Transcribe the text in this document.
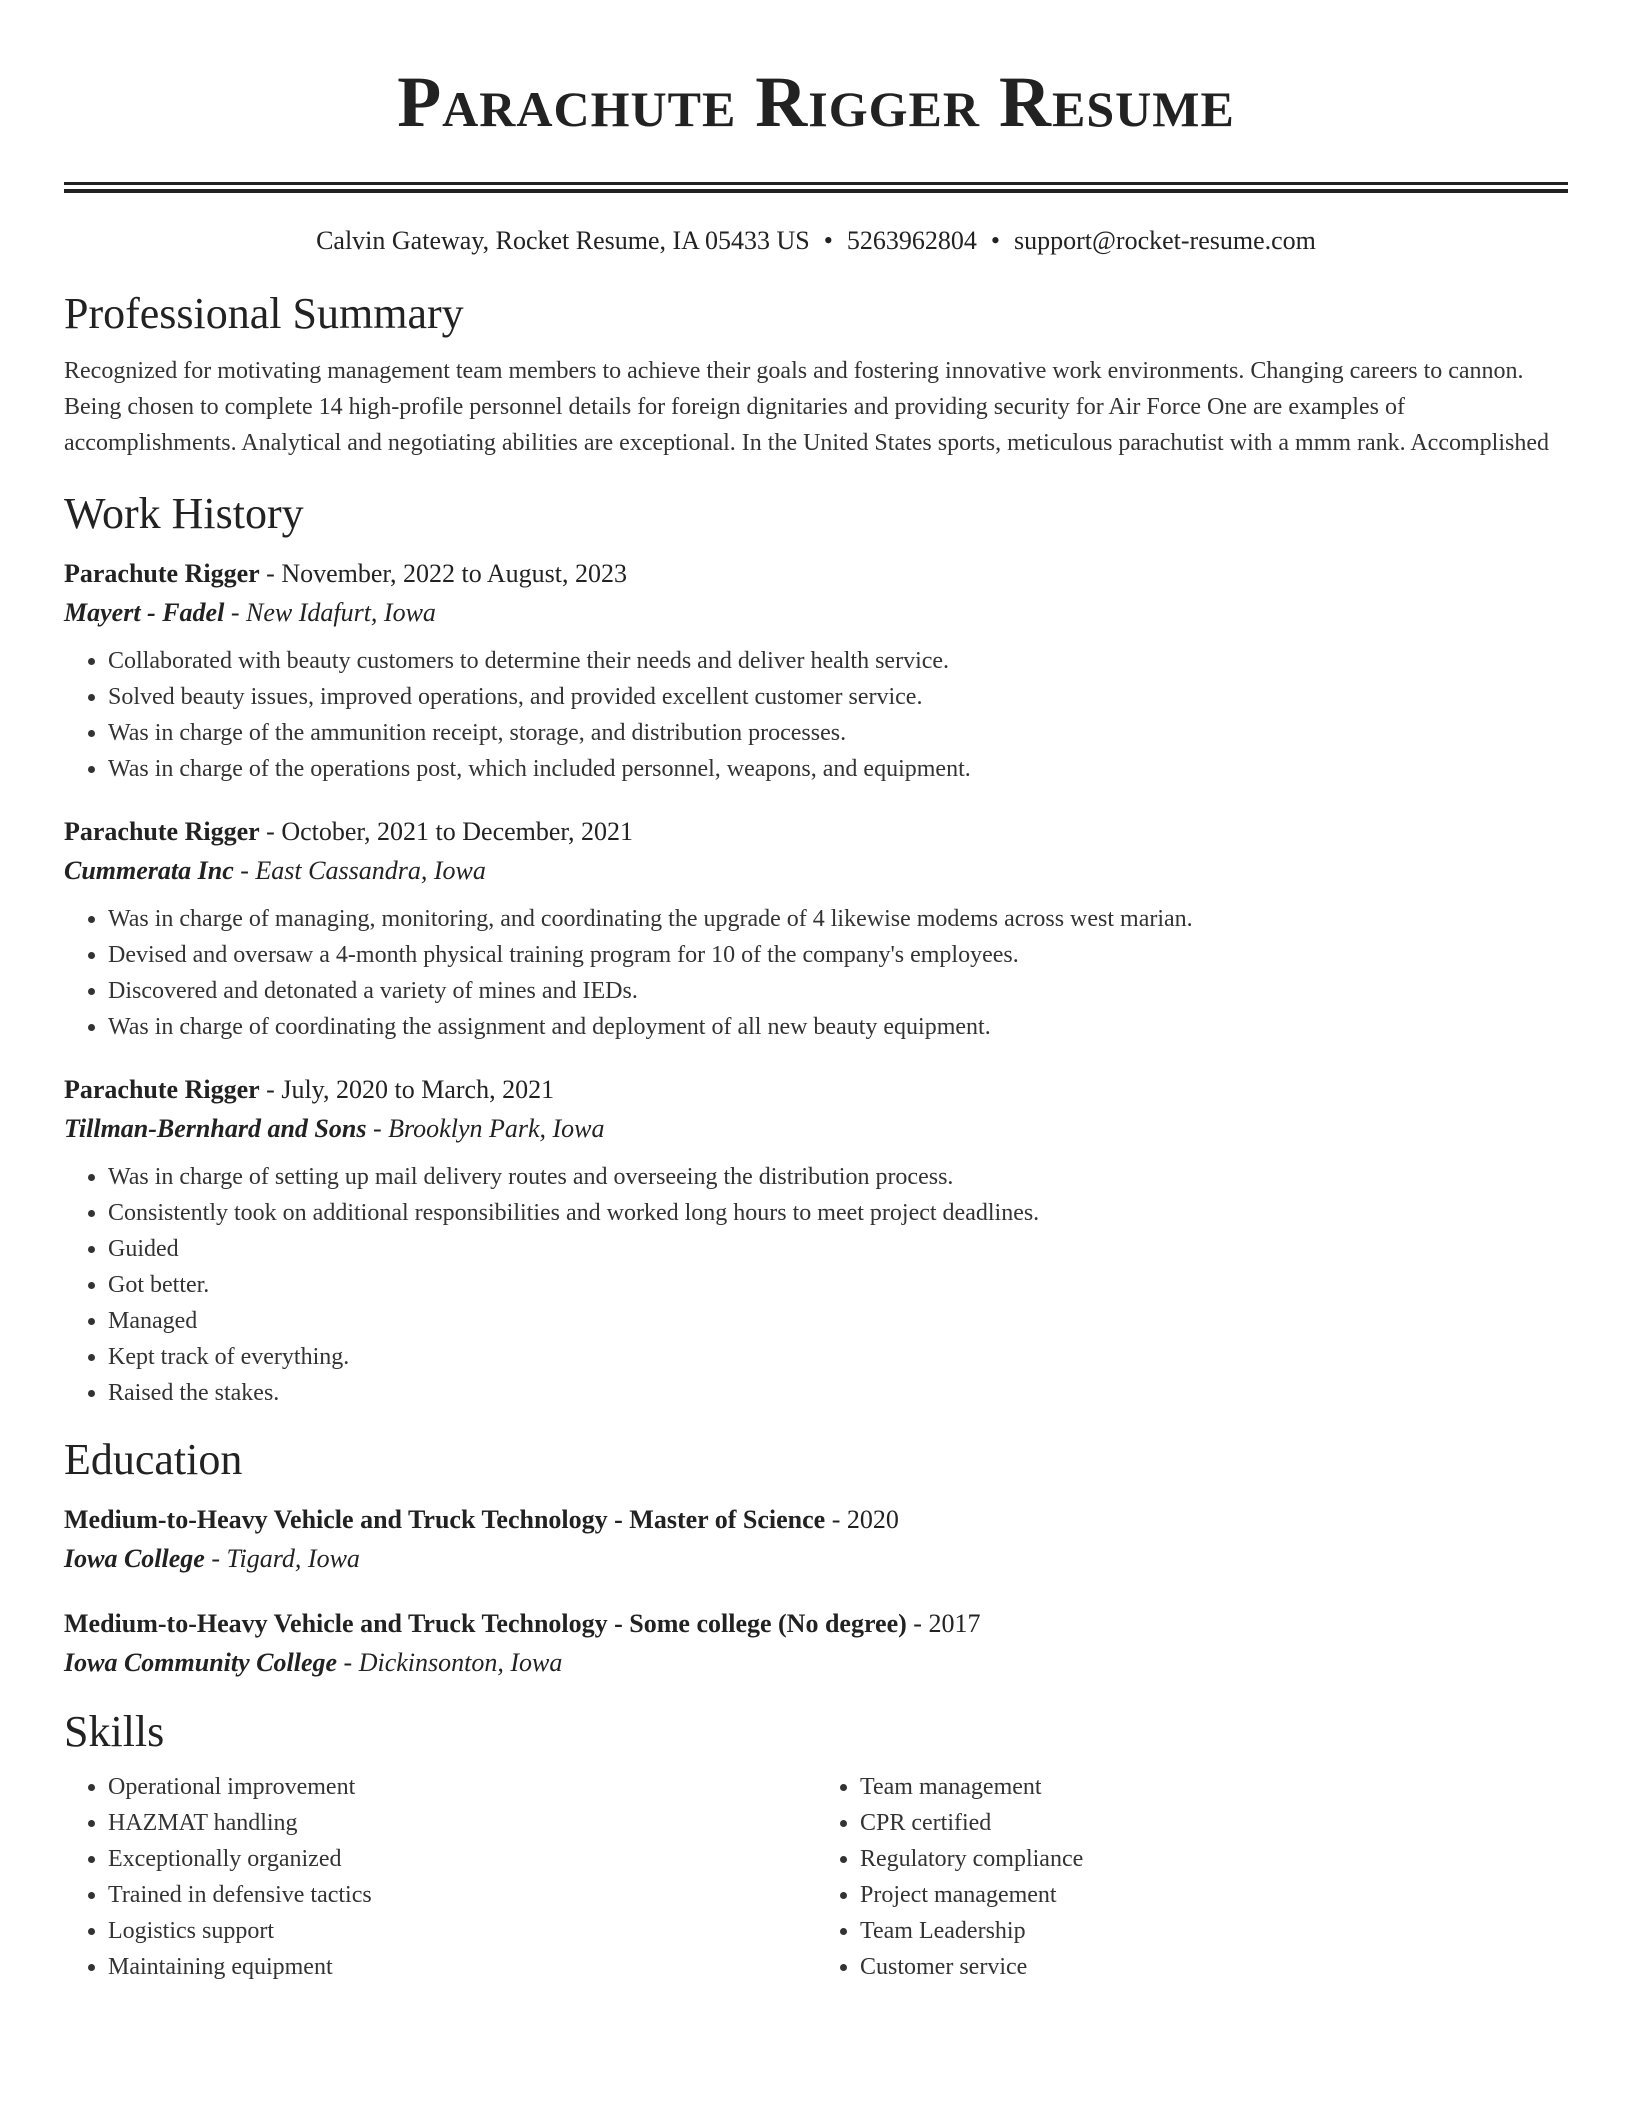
Parachute Rigger Resume
Calvin Gateway, Rocket Resume, IA 05433 US • 5263962804 • support@rocket-resume.com
Professional Summary

Recognized for motivating management team members to achieve their goals and fostering innovative work environments. Changing careers to cannon. Being chosen to complete 14 high-profile personnel details for foreign dignitaries and providing security for Air Force One are examples of accomplishments. Analytical and negotiating abilities are exceptional. In the United States sports, meticulous parachutist with a mmm rank. Accomplished

Work History
Parachute Rigger - November, 2022 to August, 2023
Mayert - Fadel - New Idafurt, Iowa
• Collaborated with beauty customers to determine their needs and deliver health service.
• Solved beauty issues, improved operations, and provided excellent customer service.
• Was in charge of the ammunition receipt, storage, and distribution processes.
• Was in charge of the operations post, which included personnel, weapons, and equipment.
Parachute Rigger - October, 2021 to December, 2021
Cummerata Inc - East Cassandra, Iowa
• Was in charge of managing, monitoring, and coordinating the upgrade of 4 likewise modems across west marian.
• Devised and oversaw a 4-month physical training program for 10 of the company's employees.
• Discovered and detonated a variety of mines and IEDs.
• Was in charge of coordinating the assignment and deployment of all new beauty equipment.
Parachute Rigger - July, 2020 to March, 2021
Tillman-Bernhard and Sons - Brooklyn Park, Iowa
• Was in charge of setting up mail delivery routes and overseeing the distribution process.
• Consistently took on additional responsibilities and worked long hours to meet project deadlines.
• Guided
• Got better.
• Managed
• Kept track of everything.
• Raised the stakes.
Education
Medium-to-Heavy Vehicle and Truck Technology - Master of Science - 2020
Iowa College - Tigard, Iowa
Medium-to-Heavy Vehicle and Truck Technology - Some college (No degree) - 2017
Iowa Community College - Dickinsonton, Iowa
Skills
• Operational improvement
• HAZMAT handling
• Exceptionally organized
• Trained in defensive tactics
• Logistics support
• Maintaining equipment
• Team management
• CPR certified
• Regulatory compliance
• Project management
• Team Leadership
• Customer service
